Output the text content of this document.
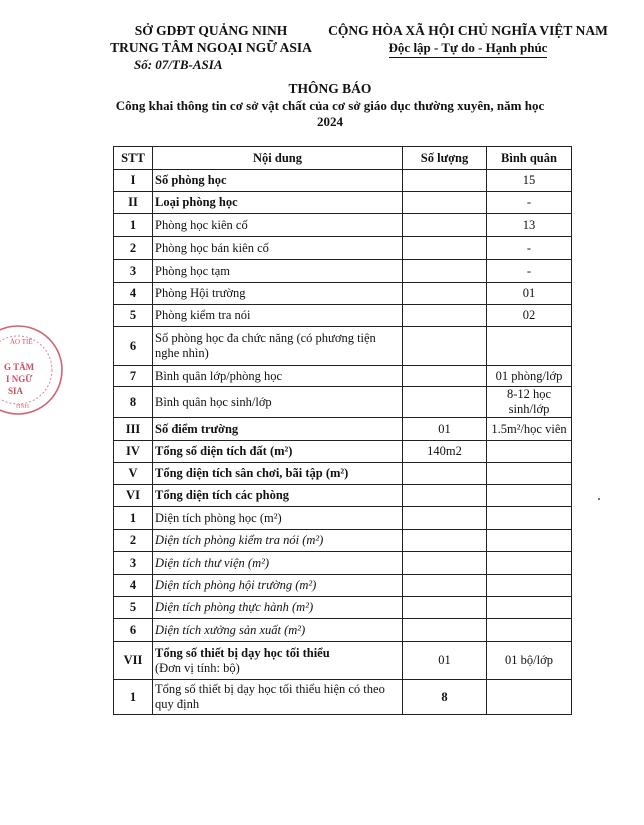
SỞ GDĐT QUẢNG NINH
TRUNG TÂM NGOẠI NGỮ ASIA
Số: 07/TB-ASIA
CỘNG HÒA XÃ HỘI CHỦ NGHĨA VIỆT NAM
Độc lập - Tự do - Hạnh phúc
THÔNG BÁO
Công khai thông tin cơ sở vật chất của cơ sở giáo dục thường xuyên, năm học
2024
ÁO TIẾ
G TÂM
I NGỮ
SIA
HNH
STT	Nội dung	Số lượng	Bình quân
I	Số phòng học		15
II	Loại phòng học		-
1	Phòng học kiên cố		13
2	Phòng học bán kiên cố		-
3	Phòng học tạm		-
4	Phòng Hội trường		01
5	Phòng kiểm tra nói		02
6	Số phòng học đa chức năng (có phương tiện nghe nhìn)		
7	Bình quân lớp/phòng học		01 phòng/lớp
8	Bình quân học sinh/lớp		8-12 học sinh/lớp
III	Số điểm trường	01	1.5m²/học viên
IV	Tổng số diện tích đất (m²)	140m2	
V	Tổng diện tích sân chơi, bãi tập (m²)		
VI	Tổng diện tích các phòng		
1	Diện tích phòng học (m²)		
2	Diện tích phòng kiểm tra nói (m²)		
3	Diện tích thư viện (m²)		
4	Diện tích phòng hội trường (m²)		
5	Diện tích phòng thực hành (m²)		
6	Diện tích xưởng sản xuất (m²)		
VII	Tổng số thiết bị dạy học tối thiểu
(Đơn vị tính: bộ)	01	01 bộ/lớp
1	Tổng số thiết bị dạy học tối thiểu hiện có theo quy định	8	
